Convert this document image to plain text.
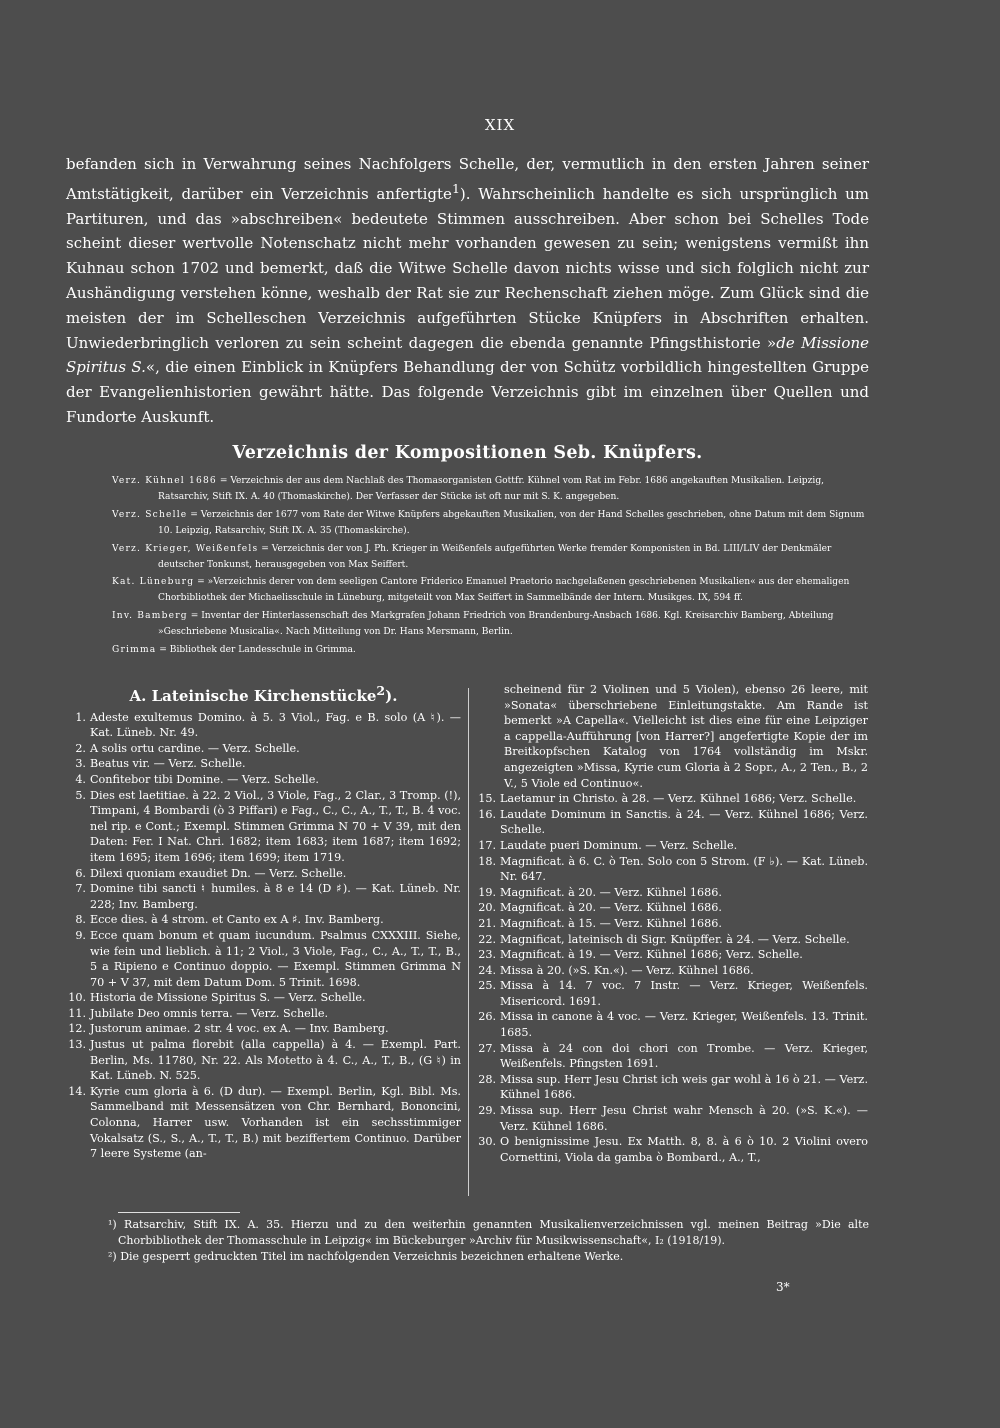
XIX

befanden sich in Verwahrung seines Nachfolgers Schelle, der, vermutlich in den ersten Jahren seiner Amtstätigkeit, darüber ein Verzeichnis anfertigte$^1$). Wahrscheinlich handelte es sich ursprünglich um Partituren, und das »abschreiben« bedeutete Stimmen ausschreiben. Aber schon bei Schelles Tode scheint dieser wertvolle Notenschatz nicht mehr vorhanden gewesen zu sein; wenigstens vermißt ihn Kuhnau schon 1702 und bemerkt, daß die Witwe Schelle davon nichts wisse und sich folglich nicht zur Aushändigung verstehen könne, weshalb der Rat sie zur Rechenschaft ziehen möge. Zum Glück sind die meisten der im Schelleschen Verzeichnis aufgeführten Stücke Knüpfers in Abschriften erhalten. Unwiederbringlich verloren zu sein scheint dagegen die ebenda genannte Pfingsthistorie »de Missione Spiritus S.«, die einen Einblick in Knüpfers Behandlung der von Schütz vorbildlich hingestellten Gruppe der Evangelienhistorien gewährt hätte. Das folgende Verzeichnis gibt im einzelnen über Quellen und Fundorte Auskunft.

Verzeichnis der Kompositionen Seb. Knüpfers.

Verz. Kühnel 1686 = Verzeichnis der aus dem Nachlaß des Thomasorganisten Gottfr. Kühnel vom Rat im Febr. 1686 angekauften Musikalien. Leipzig, Ratsarchiv, Stift IX. A. 40 (Thomaskirche). Der Verfasser der Stücke ist oft nur mit S. K. angegeben.

Verz. Schelle = Verzeichnis der 1677 vom Rate der Witwe Knüpfers abgekauften Musikalien, von der Hand Schelles geschrieben, ohne Datum mit dem Signum 10. Leipzig, Ratsarchiv, Stift IX. A. 35 (Thomaskirche).

Verz. Krieger, Weißenfels = Verzeichnis der von J. Ph. Krieger in Weißenfels aufgeführten Werke fremder Komponisten in Bd. LIII/LIV der Denkmäler deutscher Tonkunst, herausgegeben von Max Seiffert.

Kat. Lüneburg = »Verzeichnis derer von dem seeligen Cantore Friderico Emanuel Praetorio nachgelaßenen geschriebenen Musikalien« aus der ehemaligen Chorbibliothek der Michaelisschule in Lüneburg, mitgeteilt von Max Seiffert in Sammelbände der Intern. Musikges. IX, 594 ff.

Inv. Bamberg = Inventar der Hinterlassenschaft des Markgrafen Johann Friedrich von Brandenburg-Ansbach 1686. Kgl. Kreisarchiv Bamberg, Abteilung »Geschriebene Musicalia«. Nach Mitteilung von Dr. Hans Mersmann, Berlin.

Grimma = Bibliothek der Landesschule in Grimma.

A. Lateinische Kirchenstücke$^2$).

1. Adeste exultemus Domino. à 5. 3 Viol., Fag. e B. solo (A ♮). — Kat. Lüneb. Nr. 49.

2. A solis ortu cardine. — Verz. Schelle.

3. Beatus vir. — Verz. Schelle.

4. Confitebor tibi Domine. — Verz. Schelle.

5. Dies est laetitiae. à 22. 2 Viol., 3 Viole, Fag., 2 Clar., 3 Tromp. (!), Timpani, 4 Bombardi (ò 3 Piffari) e Fag., C., C., A., T., T., B. 4 voc. nel rip. e Cont.; Exempl. Stimmen Grimma N 70 + V 39, mit den Daten: Fer. I Nat. Chri. 1682; item 1683; item 1687; item 1692; item 1695; item 1696; item 1699; item 1719.

6. Dilexi quoniam exaudiet Dn. — Verz. Schelle.

7. Domine tibi sancti ♮ humiles. à 8 e 14 (D ♯). — Kat. Lüneb. Nr. 228; Inv. Bamberg.

8. Ecce dies. à 4 strom. et Canto ex A ♯. Inv. Bamberg.

9. Ecce quam bonum et quam iucundum. Psalmus CXXXIII. Siehe, wie fein und lieblich. à 11; 2 Viol., 3 Viole, Fag., C., A., T., T., B., 5 a Ripieno e Continuo doppio. — Exempl. Stimmen Grimma N 70 + V 37, mit dem Datum Dom. 5 Trinit. 1698.

10. Historia de Missione Spiritus S. — Verz. Schelle.

11. Jubilate Deo omnis terra. — Verz. Schelle.

12. Justorum animae. 2 str. 4 voc. ex A. — Inv. Bamberg.

13. Justus ut palma florebit (alla cappella) à 4. — Exempl. Part. Berlin, Ms. 11780, Nr. 22. Als Motetto à 4. C., A., T., B., (G ♮) in Kat. Lüneb. N. 525.

14. Kyrie cum gloria à 6. (D dur). — Exempl. Berlin, Kgl. Bibl. Ms. Sammelband mit Messensätzen von Chr. Bernhard, Bononcini, Colonna, Harrer usw. Vorhanden ist ein sechsstimmiger Vokalsatz (S., S., A., T., T., B.) mit beziffertem Continuo. Darüber 7 leere Systeme (an-

scheinend für 2 Violinen und 5 Violen), ebenso 26 leere, mit »Sonata« überschriebene Einleitungstakte. Am Rande ist bemerkt »A Capella«. Vielleicht ist dies eine für eine Leipziger a cappella-Aufführung [von Harrer?] angefertigte Kopie der im Breitkopfschen Katalog von 1764 vollständig im Mskr. angezeigten »Missa, Kyrie cum Gloria à 2 Sopr., A., 2 Ten., B., 2 V., 5 Viole ed Continuo«.

15. Laetamur in Christo. à 28. — Verz. Kühnel 1686; Verz. Schelle.

16. Laudate Dominum in Sanctis. à 24. — Verz. Kühnel 1686; Verz. Schelle.

17. Laudate pueri Dominum. — Verz. Schelle.

18. Magnificat. à 6. C. ò Ten. Solo con 5 Strom. (F ♭). — Kat. Lüneb. Nr. 647.

19. Magnificat. à 20. — Verz. Kühnel 1686.

20. Magnificat. à 20. — Verz. Kühnel 1686.

21. Magnificat. à 15. — Verz. Kühnel 1686.

22. Magnificat, lateinisch di Sigr. Knüpffer. à 24. — Verz. Schelle.

23. Magnificat. à 19. — Verz. Kühnel 1686; Verz. Schelle.

24. Missa à 20. (»S. Kn.«). — Verz. Kühnel 1686.

25. Missa à 14. 7 voc. 7 Instr. — Verz. Krieger, Weißenfels. Misericord. 1691.

26. Missa in canone à 4 voc. — Verz. Krieger, Weißenfels. 13. Trinit. 1685.

27. Missa à 24 con doi chori con Trombe. — Verz. Krieger, Weißenfels. Pfingsten 1691.

28. Missa sup. Herr Jesu Christ ich weis gar wohl à 16 ò 21. — Verz. Kühnel 1686.

29. Missa sup. Herr Jesu Christ wahr Mensch à 20. (»S. K.«). — Verz. Kühnel 1686.

30. O benignissime Jesu. Ex Matth. 8, 8. à 6 ò 10. 2 Violini overo Cornettini, Viola da gamba ò Bombard., A., T.,

¹) Ratsarchiv, Stift IX. A. 35. Hierzu und zu den weiterhin genannten Musikalienverzeichnissen vgl. meinen Beitrag »Die alte Chorbibliothek der Thomasschule in Leipzig« im Bückeburger »Archiv für Musikwissenschaft«, I₂ (1918/19).

²) Die gesperrt gedruckten Titel im nachfolgenden Verzeichnis bezeichnen erhaltene Werke.

3*
